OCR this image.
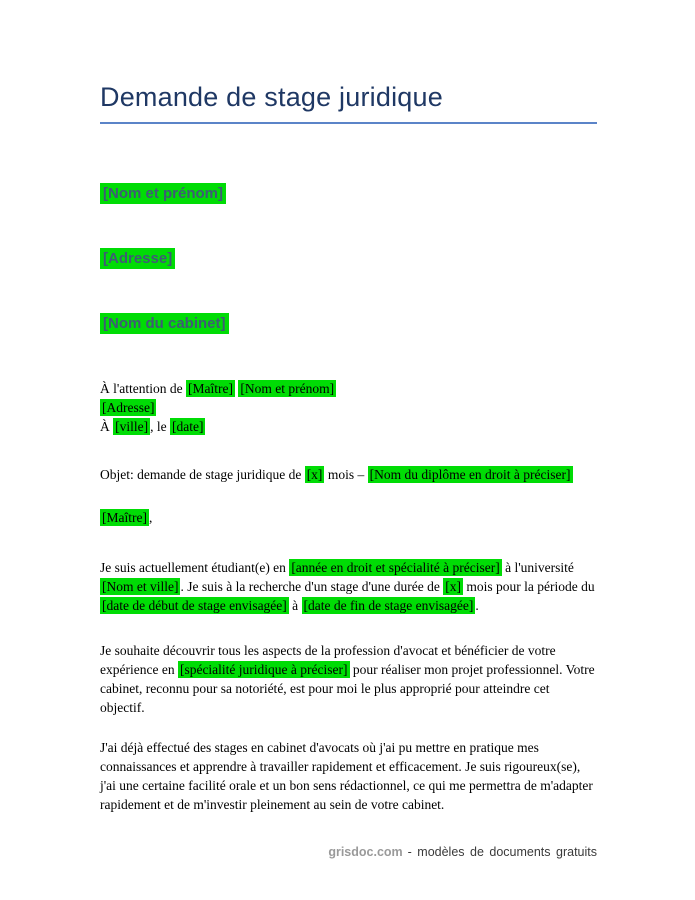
Demande de stage juridique

[Nom et prénom]

[Adresse]

[Nom du cabinet]

À l'attention de [Maître] [Nom et prénom]

[Adresse]

À [ville] , le [date]

Objet: demande de stage juridique de [x] mois – [Nom du diplôme en droit à préciser]

[Maître] ,

Je suis actuellement étudiant(e) en [année en droit et spécialité à préciser] à l'université [Nom et ville] . Je suis à la recherche d'un stage d'une durée de [x] mois pour la période du [date de début de stage envisagée] à [date de fin de stage envisagée] .

Je souhaite découvrir tous les aspects de la profession d'avocat et bénéficier de votre expérience en [spécialité juridique à préciser] pour réaliser mon projet professionnel. Votre cabinet, reconnu pour sa notoriété, est pour moi le plus approprié pour atteindre cet objectif.

J'ai déjà effectué des stages en cabinet d'avocats où j'ai pu mettre en pratique mes connaissances et apprendre à travailler rapidement et efficacement. Je suis rigoureux(se), j'ai une certaine facilité orale et un bon sens rédactionnel, ce qui me permettra de m'adapter rapidement et de m'investir pleinement au sein de votre cabinet.

grisdoc.com - modèles de documents gratuits
